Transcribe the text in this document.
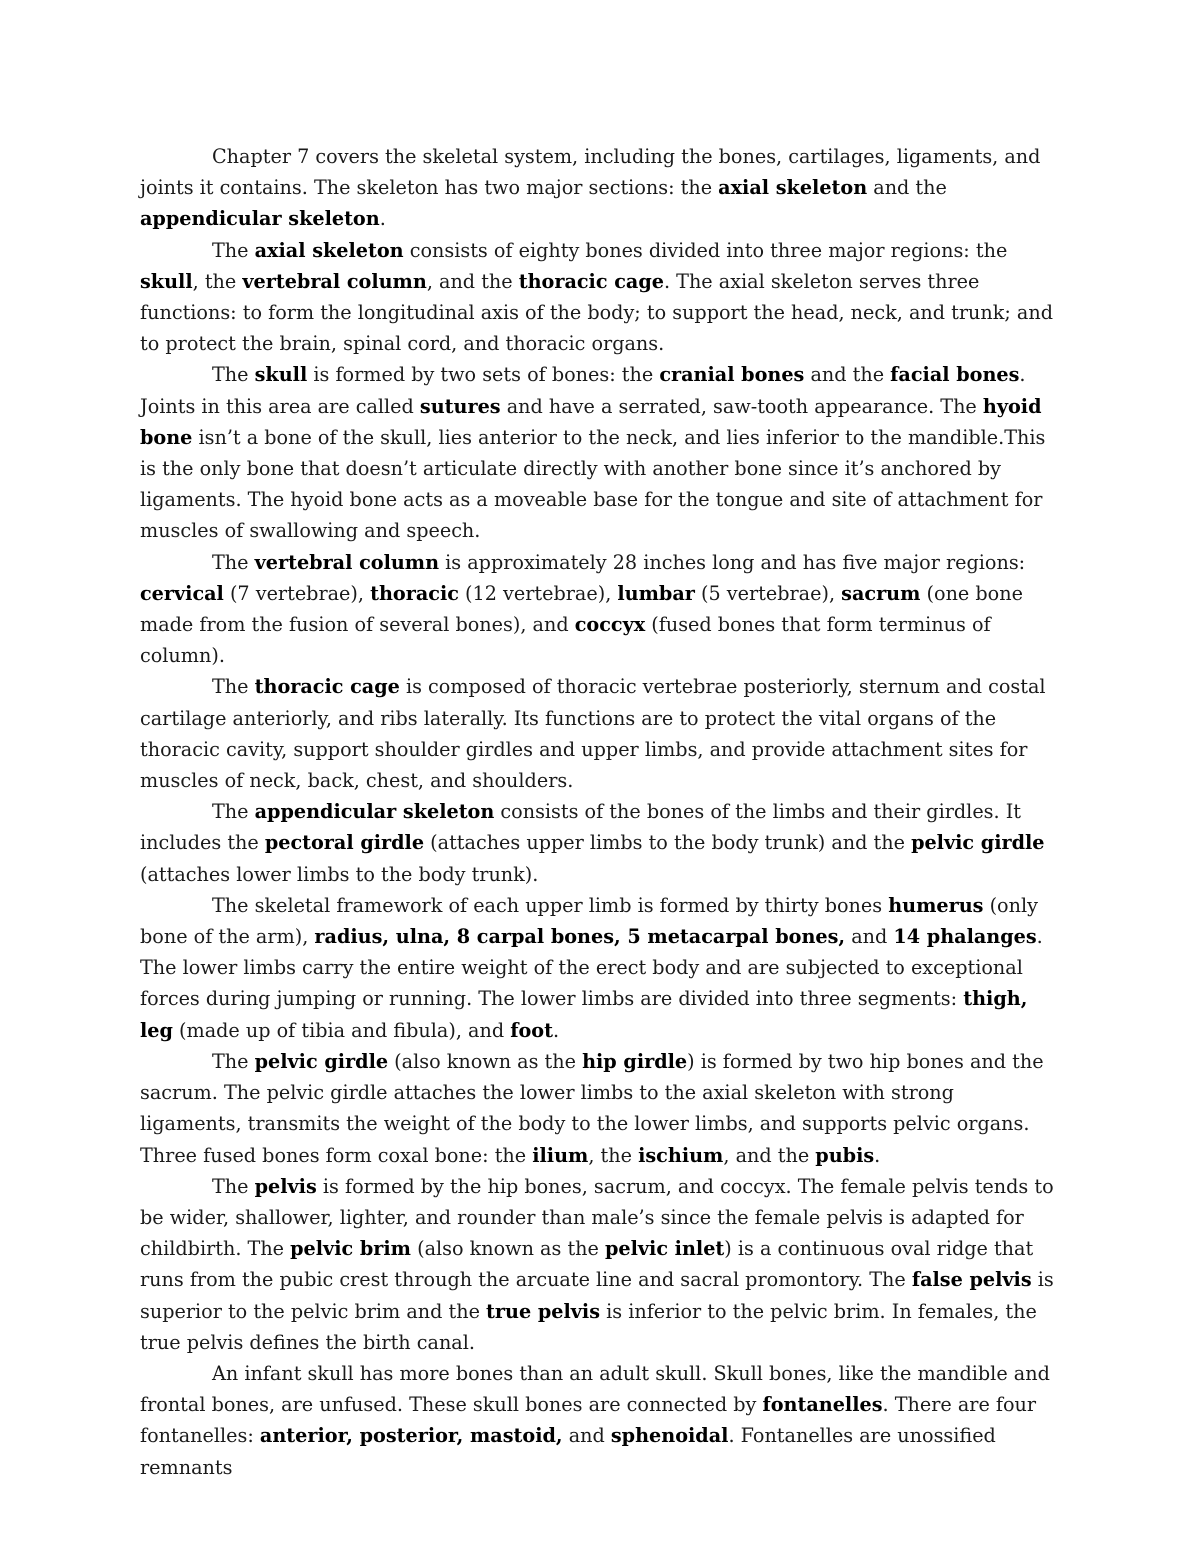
Chapter 7 covers the skeletal system, including the bones, cartilages, ligaments, and joints it contains. The skeleton has two major sections: the axial skeleton and the appendicular skeleton.

The axial skeleton consists of eighty bones divided into three major regions: the skull, the vertebral column, and the thoracic cage. The axial skeleton serves three functions: to form the longitudinal axis of the body; to support the head, neck, and trunk; and to protect the brain, spinal cord, and thoracic organs.

The skull is formed by two sets of bones: the cranial bones and the facial bones. Joints in this area are called sutures and have a serrated, saw-tooth appearance. The hyoid bone isn’t a bone of the skull, lies anterior to the neck, and lies inferior to the mandible.This is the only bone that doesn’t articulate directly with another bone since it’s anchored by ligaments. The hyoid bone acts as a moveable base for the tongue and site of attachment for muscles of swallowing and speech.

The vertebral column is approximately 28 inches long and has five major regions: cervical (7 vertebrae), thoracic (12 vertebrae), lumbar (5 vertebrae), sacrum (one bone made from the fusion of several bones), and coccyx (fused bones that form terminus of column).

The thoracic cage is composed of thoracic vertebrae posteriorly, sternum and costal cartilage anteriorly, and ribs laterally. Its functions are to protect the vital organs of the thoracic cavity, support shoulder girdles and upper limbs, and provide attachment sites for muscles of neck, back, chest, and shoulders.

The appendicular skeleton consists of the bones of the limbs and their girdles. It includes the pectoral girdle (attaches upper limbs to the body trunk) and the pelvic girdle (attaches lower limbs to the body trunk).

The skeletal framework of each upper limb is formed by thirty bones humerus (only bone of the arm), radius, ulna, 8 carpal bones, 5 metacarpal bones, and 14 phalanges. The lower limbs carry the entire weight of the erect body and are subjected to exceptional forces during jumping or running. The lower limbs are divided into three segments: thigh, leg (made up of tibia and fibula), and foot.

The pelvic girdle (also known as the hip girdle) is formed by two hip bones and the sacrum. The pelvic girdle attaches the lower limbs to the axial skeleton with strong ligaments, transmits the weight of the body to the lower limbs, and supports pelvic organs. Three fused bones form coxal bone: the ilium, the ischium, and the pubis.

The pelvis is formed by the hip bones, sacrum, and coccyx. The female pelvis tends to be wider, shallower, lighter, and rounder than male’s since the female pelvis is adapted for childbirth. The pelvic brim (also known as the pelvic inlet) is a continuous oval ridge that runs from the pubic crest through the arcuate line and sacral promontory. The false pelvis is superior to the pelvic brim and the true pelvis is inferior to the pelvic brim. In females, the true pelvis defines the birth canal.

An infant skull has more bones than an adult skull. Skull bones, like the mandible and frontal bones, are unfused. These skull bones are connected by fontanelles. There are four fontanelles: anterior, posterior, mastoid, and sphenoidal. Fontanelles are unossified remnants
